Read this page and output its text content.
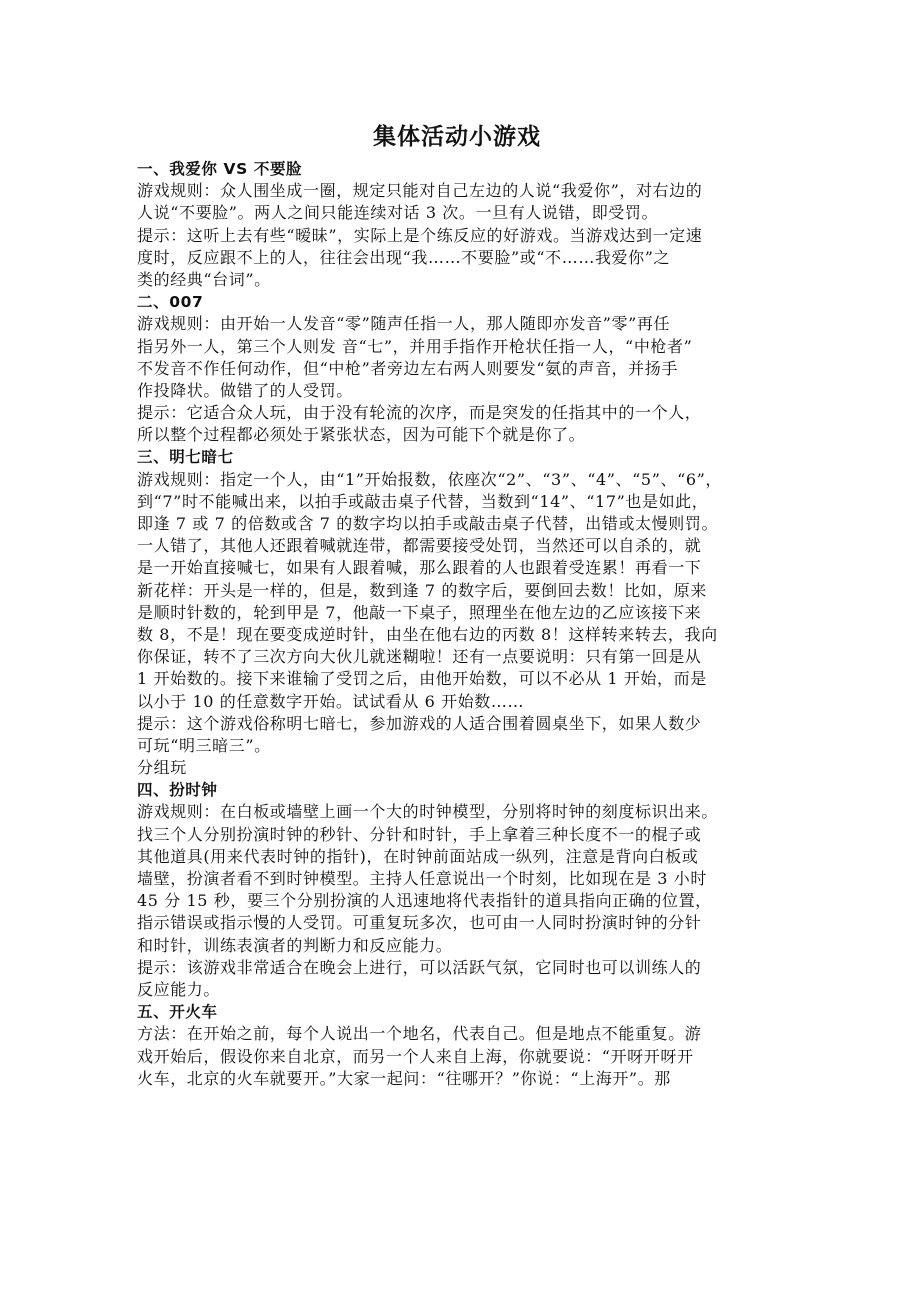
集体活动小游戏
一、我爱你 VS 不要脸
游戏规则：众人围坐成一圈，规定只能对自己左边的人说“我爱你”，对右边的
人说“不要脸”。两人之间只能连续对话 3 次。一旦有人说错，即受罚。
提示：这听上去有些“暧昧”，实际上是个练反应的好游戏。当游戏达到一定速
度时，反应跟不上的人，往往会出现“我……不要脸”或“不……我爱你”之
类的经典“台词”。
二、007
游戏规则：由开始一人发音“零”随声任指一人，那人随即亦发音”零”再任
指另外一人，第三个人则发 音“七”，并用手指作开枪状任指一人，“中枪者”
不发音不作任何动作，但“中枪”者旁边左右两人则要发“氨的声音，并扬手
作投降状。做错了的人受罚。
提示：它适合众人玩，由于没有轮流的次序，而是突发的任指其中的一个人，
所以整个过程都必须处于紧张状态，因为可能下个就是你了。
三、明七暗七
游戏规则：指定一个人，由“1”开始报数，依座次“2”、“3”、“4”、“5”、“6”，
到“7”时不能喊出来，以拍手或敲击桌子代替，当数到“14”、“17”也是如此，
即逢 7 或 7 的倍数或含 7 的数字均以拍手或敲击桌子代替，出错或太慢则罚。
一人错了，其他人还跟着喊就连带，都需要接受处罚，当然还可以自杀的，就
是一开始直接喊七，如果有人跟着喊，那么跟着的人也跟着受连累！再看一下
新花样：开头是一样的，但是，数到逢 7 的数字后，要倒回去数！比如，原来
是顺时针数的，轮到甲是 7，他敲一下桌子，照理坐在他左边的乙应该接下来
数 8，不是！现在要变成逆时针，由坐在他右边的丙数 8！这样转来转去，我向
你保证，转不了三次方向大伙儿就迷糊啦！还有一点要说明：只有第一回是从
1 开始数的。接下来谁输了受罚之后，由他开始数，可以不必从 1 开始，而是
以小于 10 的任意数字开始。试试看从 6 开始数……
提示：这个游戏俗称明七暗七，参加游戏的人适合围着圆桌坐下，如果人数少
可玩“明三暗三”。
分组玩
四、扮时钟
游戏规则：在白板或墙壁上画一个大的时钟模型，分别将时钟的刻度标识出来。
找三个人分别扮演时钟的秒针、分针和时针，手上拿着三种长度不一的棍子或
其他道具(用来代表时钟的指针)，在时钟前面站成一纵列，注意是背向白板或
墙壁，扮演者看不到时钟模型。主持人任意说出一个时刻，比如现在是 3 小时
45 分 15 秒，要三个分别扮演的人迅速地将代表指针的道具指向正确的位置，
指示错误或指示慢的人受罚。可重复玩多次，也可由一人同时扮演时钟的分针
和时针，训练表演者的判断力和反应能力。
提示：该游戏非常适合在晚会上进行，可以活跃气氛，它同时也可以训练人的
反应能力。
五、开火车
方法：在开始之前，每个人说出一个地名，代表自己。但是地点不能重复。游
戏开始后，假设你来自北京，而另一个人来自上海，你就要说：“开呀开呀开
火车，北京的火车就要开。”大家一起问：“往哪开？”你说：“上海开”。那
